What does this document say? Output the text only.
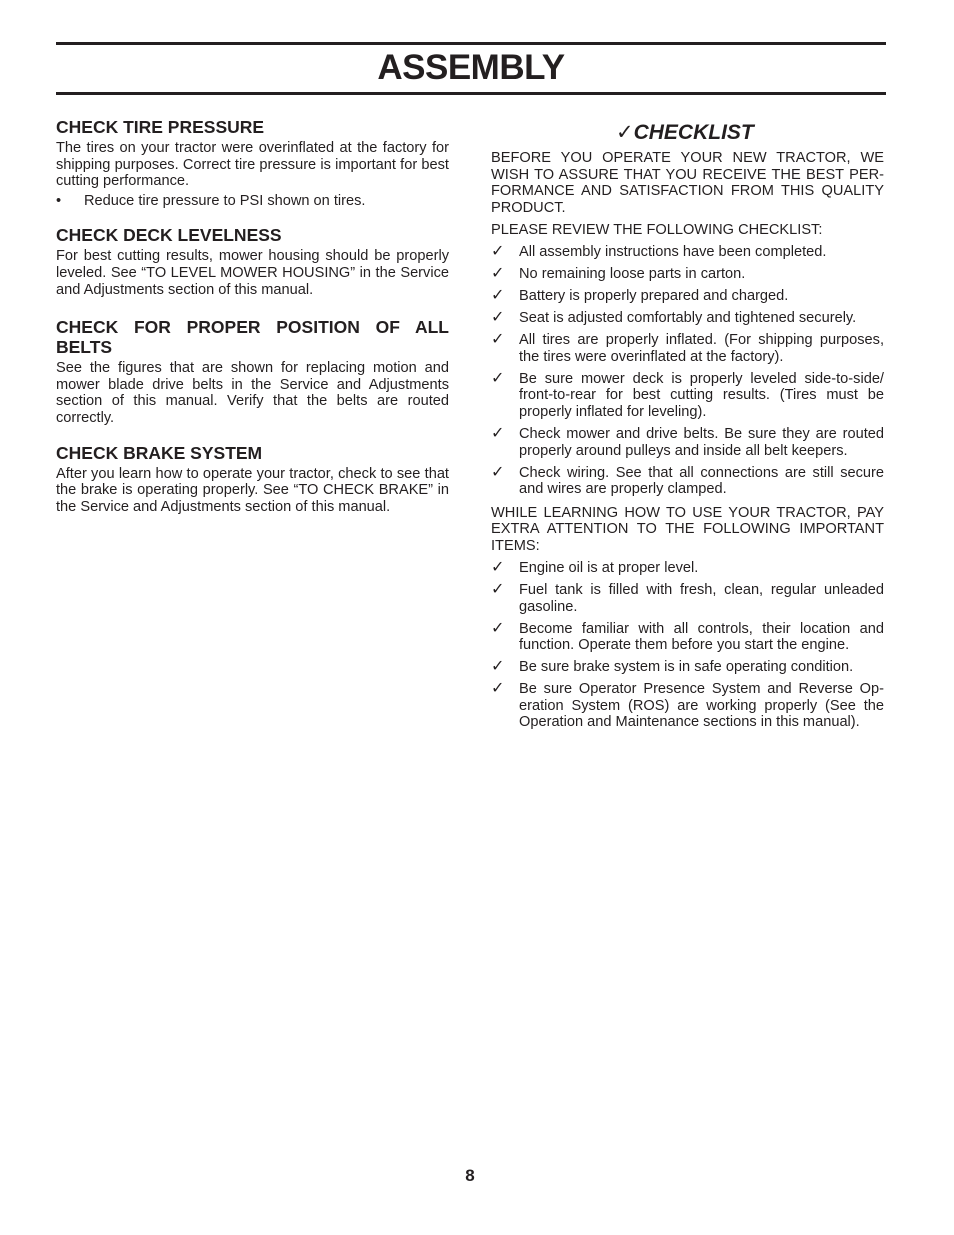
ASSEMBLY
CHECK TIRE PRESSURE

The tires on your tractor were overinflated at the factory for shipping purposes. Correct tire pressure is important for best cutting performance.

•	Reduce tire pressure to PSI shown on tires.
CHECK DECK LEVELNESS

For best cutting results, mower housing should be properly leveled. See “TO LEVEL MOWER HOUSING” in the Service and Adjustments section of this manual.

CHECK FOR PROPER POSITION OF ALL BELTS

See the figures that are shown for replacing motion and mower blade drive belts in the Service and Adjustments section of this manual. Verify that the belts are routed correctly.

CHECK BRAKE SYSTEM

After you learn how to operate your tractor, check to see that the brake is operating properly. See “TO CHECK BRAKE” in the Service and Adjustments section of this manual.

✓CHECKLIST

BEFORE YOU OPERATE YOUR NEW TRACTOR, WE WISH TO ASSURE THAT YOU RECEIVE THE BEST PER-FORMANCE AND SATISFACTION FROM THIS QUALITY PRODUCT.

PLEASE REVIEW THE FOLLOWING CHECKLIST:

✓ All assembly instructions have been completed.
✓ No remaining loose parts in carton.
✓ Battery is properly prepared and charged.
✓ Seat is adjusted comfortably and tightened securely.
✓ All tires are properly inflated. (For shipping purposes, the tires were overinflated at the factory).
✓ Be sure mower deck is properly leveled side-to-side/ front-to-rear for best cutting results. (Tires must be properly inflated for leveling).
✓ Check mower and drive belts. Be sure they are routed properly around pulleys and inside all belt keepers.
✓ Check wiring. See that all connections are still secure and wires are properly clamped.

WHILE LEARNING HOW TO USE YOUR TRACTOR, PAY EXTRA ATTENTION TO THE FOLLOWING IMPORTANT ITEMS:

✓ Engine oil is at proper level.
✓ Fuel tank is filled with fresh, clean, regular unleaded gasoline.
✓ Become familiar with all controls, their location and function. Operate them before you start the engine.
✓ Be sure brake system is in safe operating condition.
✓ Be sure Operator Presence System and Reverse Op-eration System (ROS) are working properly (See the Operation and Maintenance sections in this manual).
8
